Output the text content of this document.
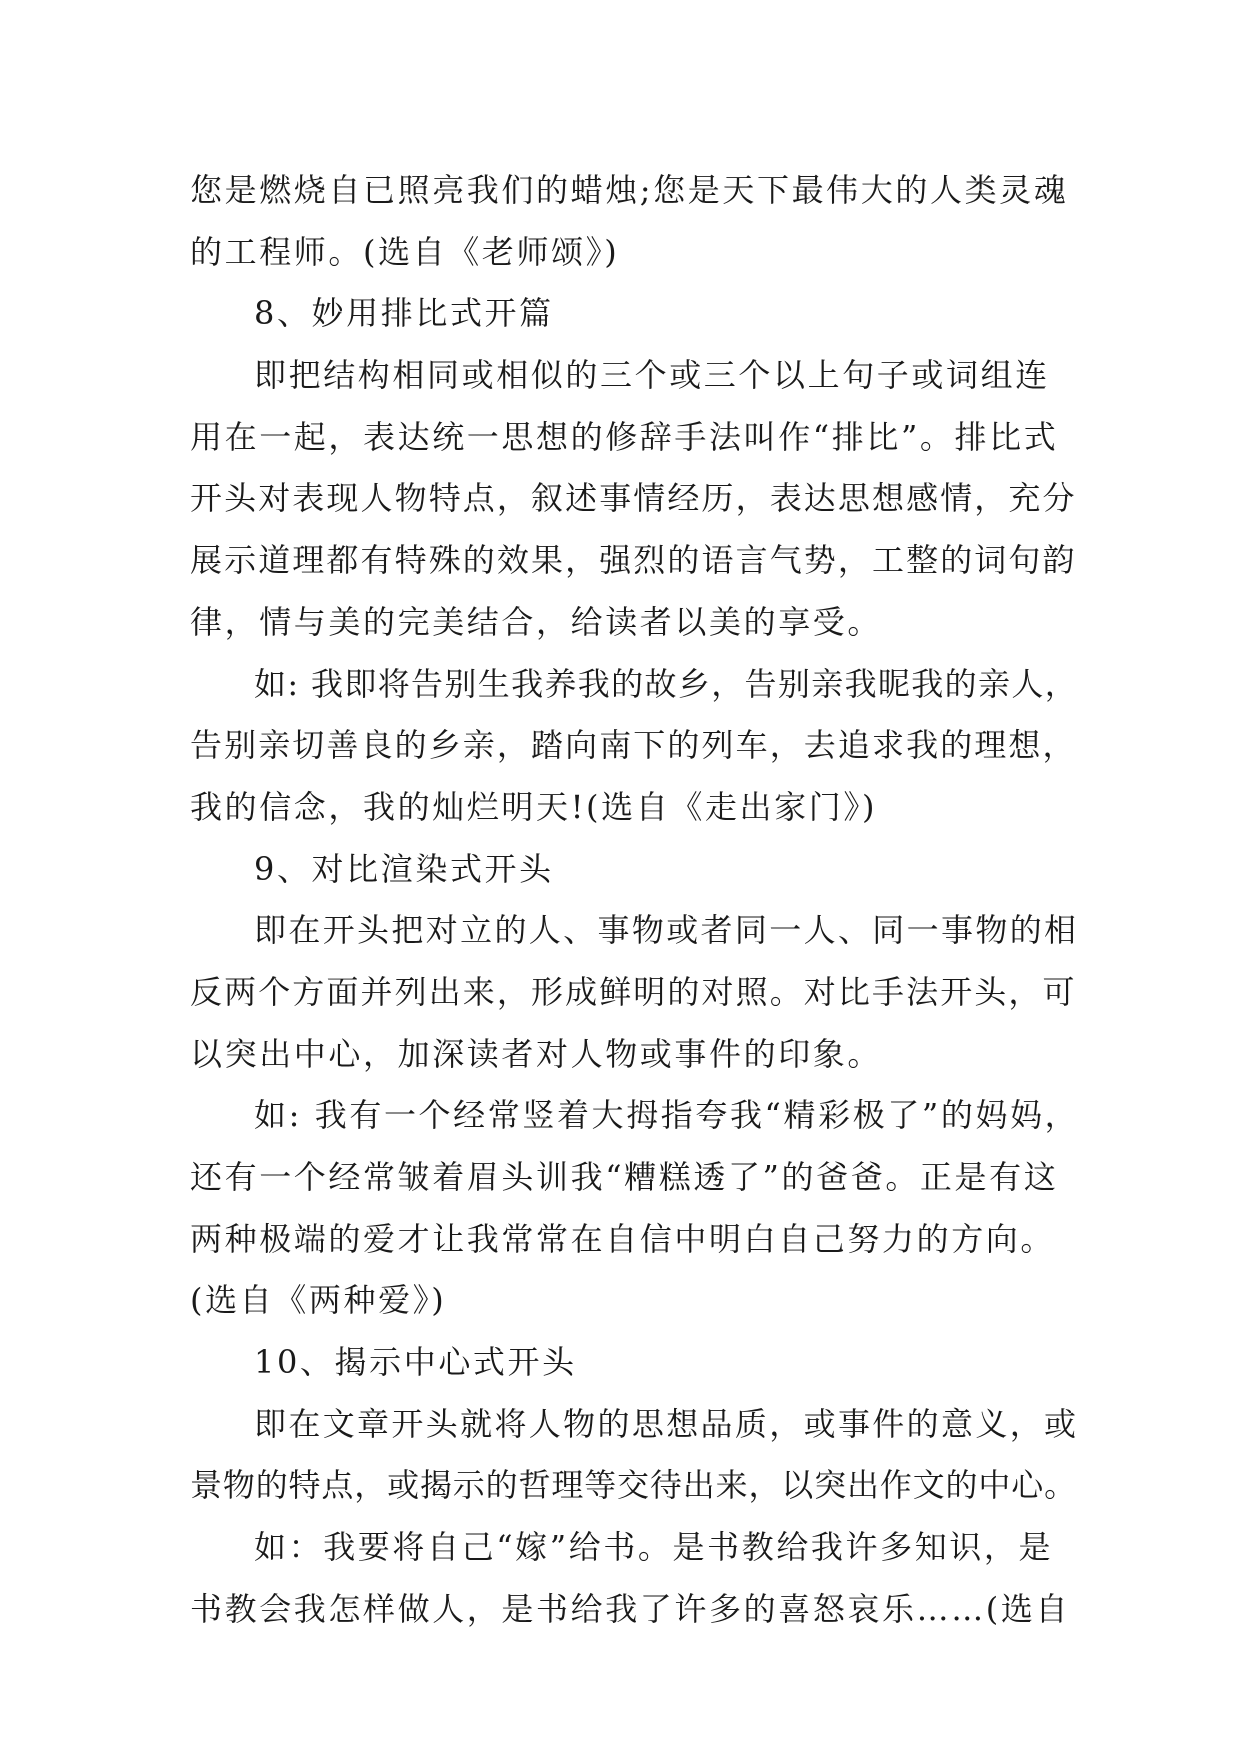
您是燃烧自已照亮我们的蜡烛;您是天下最伟大的人类灵魂
的工程师。(选自《老师颂》)
8、妙用排比式开篇
即把结构相同或相似的三个或三个以上句子或词组连
用在一起，表达统一思想的修辞手法叫作“排比”。排比式
开头对表现人物特点，叙述事情经历，表达思想感情，充分
展示道理都有特殊的效果，强烈的语言气势，工整的词句韵
律，情与美的完美结合，给读者以美的享受。
如: 我即将告别生我养我的故乡，告别亲我昵我的亲人，
告别亲切善良的乡亲，踏向南下的列车，去追求我的理想，
我的信念，我的灿烂明天!(选自《走出家门》)
9、对比渲染式开头
即在开头把对立的人、事物或者同一人、同一事物的相
反两个方面并列出来，形成鲜明的对照。对比手法开头，可
以突出中心，加深读者对人物或事件的印象。
如: 我有一个经常竖着大拇指夸我“精彩极了”的妈妈，
还有一个经常皱着眉头训我“糟糕透了”的爸爸。正是有这
两种极端的爱才让我常常在自信中明白自己努力的方向。
(选自《两种爱》)
10、揭示中心式开头
即在文章开头就将人物的思想品质，或事件的意义，或
景物的特点，或揭示的哲理等交待出来，以突出作文的中心。
如：我要将自己“嫁”给书。是书教给我许多知识，是
书教会我怎样做人，是书给我了许多的喜怒哀乐……(选自
